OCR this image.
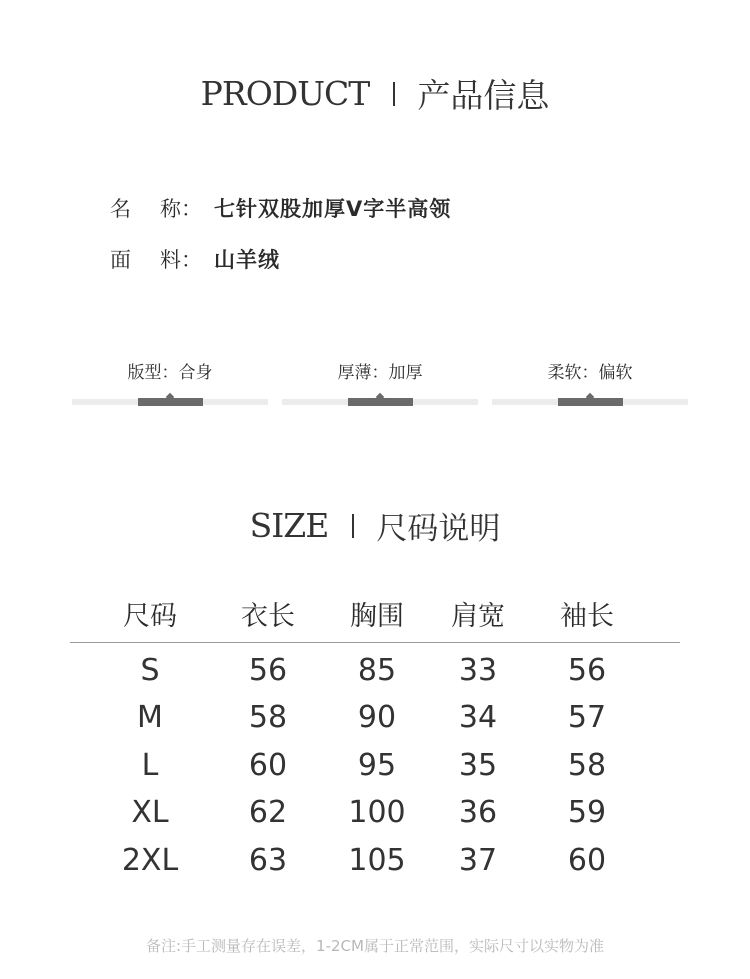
PRODUCT 产品信息
名 称： 七针双股加厚V字半高领
面 料： 山羊绒
版型：合身	厚薄：加厚	柔软：偏软
SIZE 尺码说明
尺码	衣长	胸围	肩宽	袖长
S	56	85	33	56
M	58	90	34	57
L	60	95	35	58
XL	62	100	36	59
2XL	63	105	37	60
备注:手工测量存在误差，1-2CM属于正常范围，实际尺寸以实物为准
